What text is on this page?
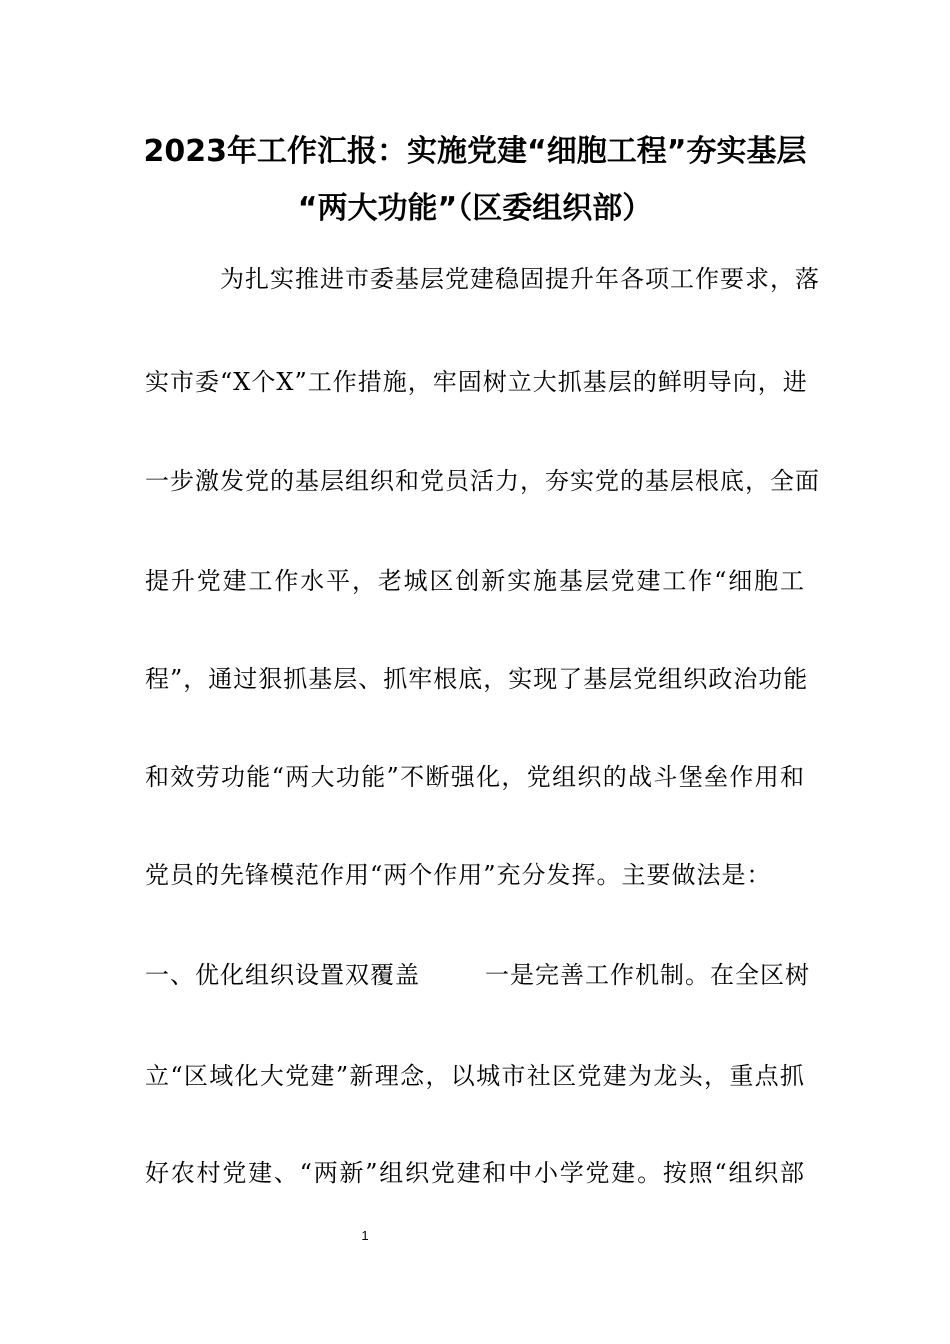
2023年工作汇报：实施党建“细胞工程”夯实基层
“两大功能”（区委组织部）
为扎实推进市委基层党建稳固提升年各项工作要求，落
实市委“X个X”工作措施，牢固树立大抓基层的鲜明导向，进
一步激发党的基层组织和党员活力，夯实党的基层根底，全面
提升党建工作水平，老城区创新实施基层党建工作“细胞工
程”，通过狠抓基层、抓牢根底，实现了基层党组织政治功能
和效劳功能“两大功能”不断强化，党组织的战斗堡垒作用和
党员的先锋模范作用“两个作用”充分发挥。主要做法是：
一、优化组织设置双覆盖	一是完善工作机制。在全区树
立“区域化大党建”新理念，以城市社区党建为龙头，重点抓
好农村党建、“两新”组织党建和中小学党建。按照“组织部
1
